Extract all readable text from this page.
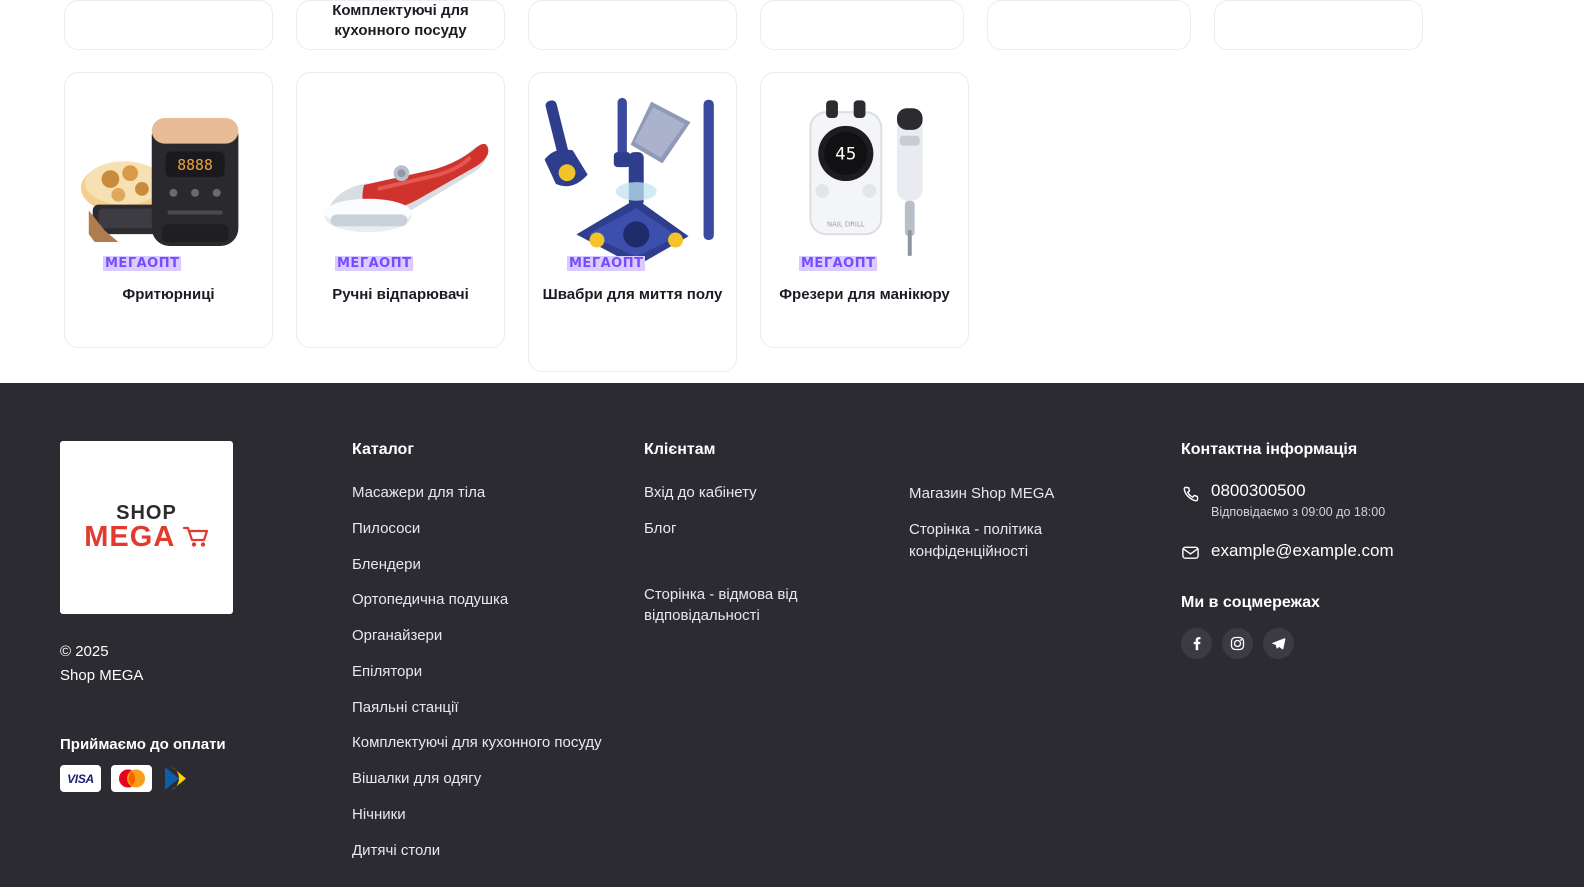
Комплектуючі для кухонного посуду
8888
МЕГАОПТ
Фритюрниці
МЕГАОПТ
Ручні відпарювачі
МЕГАОПТ
Швабри для миття полу
45
NAIL DRILL
МЕГАОПТ
Фрезери для манікюру
SHOP
MEGA
© 2025
Shop MEGA
Приймаємо до оплати
VISA
Каталог
Масажери для тіла
Пилососи
Блендери
Ортопедична подушка
Органайзери
Епілятори
Паяльні станції
Комплектуючі для кухонного посуду
Вішалки для одягу
Нічники
Дитячі столи
Клієнтам
Вхід до кабінету
Блог
Сторінка - відмова від відповідальності
Магазин Shop MEGA
Сторінка - політика конфіденційності
Контактна інформація
0800300500
Відповідаємо з 09:00 до 18:00
example@example.com
Ми в соцмережах
